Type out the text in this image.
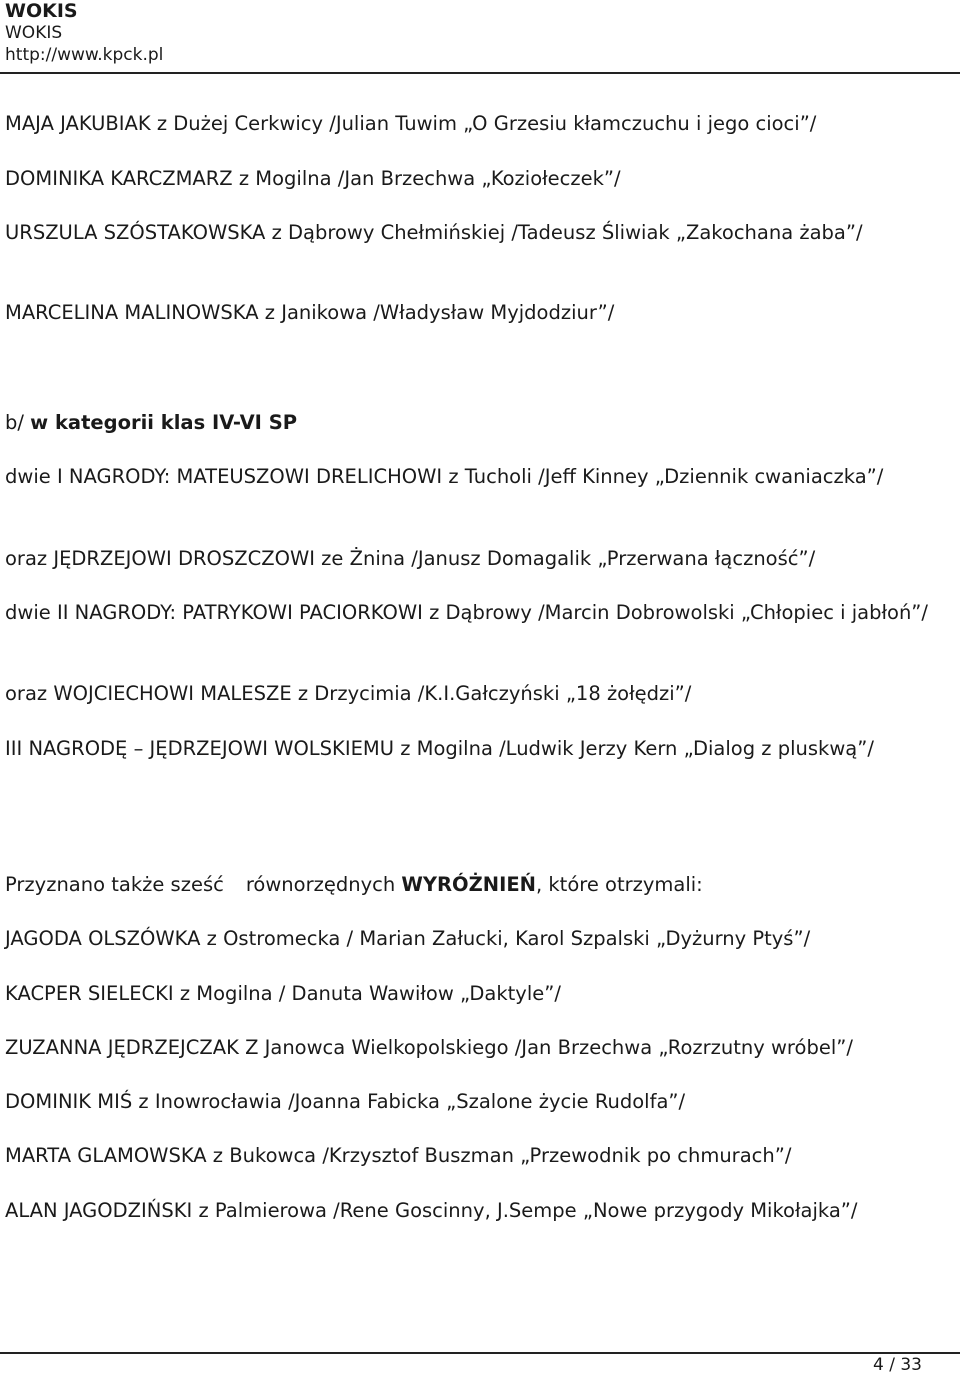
WOKIS

WOKIS

http://www.kpck.pl

MAJA JAKUBIAK z Dużej Cerkwicy /Julian Tuwim „O Grzesiu kłamczuchu i jego cioci”/

DOMINIKA KARCZMARZ z Mogilna /Jan Brzechwa „Koziołeczek”/

URSZULA SZÓSTAKOWSKA z Dąbrowy Chełmińskiej /Tadeusz Śliwiak „Zakochana żaba”/

MARCELINA MALINOWSKA z Janikowa /Władysław Myjdodziur”/

b/ w kategorii klas IV-VI SP

dwie I NAGRODY: MATEUSZOWI DRELICHOWI z Tucholi /Jeff Kinney „Dziennik cwaniaczka”/

oraz JĘDRZEJOWI DROSZCZOWI ze Żnina /Janusz Domagalik „Przerwana łączność”/

dwie II NAGRODY: PATRYKOWI PACIORKOWI z Dąbrowy /Marcin Dobrowolski „Chłopiec i jabłoń”/

oraz WOJCIECHOWI MALESZE z Drzycimia /K.I.Gałczyński „18 żołędzi”/

III NAGRODĘ – JĘDRZEJOWI WOLSKIEMU z Mogilna /Ludwik Jerzy Kern „Dialog z pluskwą”/

Przyznano także sześć równorzędnych WYRÓŻNIEŃ, które otrzymali:

JAGODA OLSZÓWKA z Ostromecka / Marian Załucki, Karol Szpalski „Dyżurny Ptyś”/

KACPER SIELECKI z Mogilna / Danuta Wawiłow „Daktyle”/

ZUZANNA JĘDRZEJCZAK Z Janowca Wielkopolskiego /Jan Brzechwa „Rozrzutny wróbel”/

DOMINIK MIŚ z Inowrocławia /Joanna Fabicka „Szalone życie Rudolfa”/

MARTA GLAMOWSKA z Bukowca /Krzysztof Buszman „Przewodnik po chmurach”/

ALAN JAGODZIŃSKI z Palmierowa /Rene Goscinny, J.Sempe „Nowe przygody Mikołajka”/

4 / 33
